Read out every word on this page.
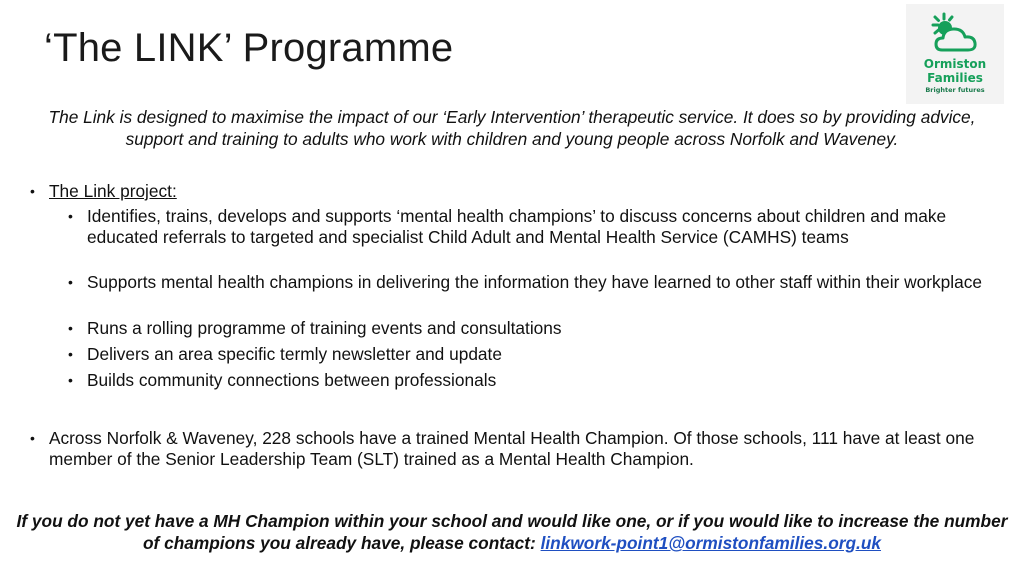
‘The LINK’ Programme	Ormiston
Families
Brighter futures
The Link is designed to maximise the impact of our ‘Early Intervention’ therapeutic service. It does so by providing advice, support and training to adults who work with children and young people across Norfolk and Waveney.
• The Link project:
• Identifies, trains, develops and supports ‘mental health champions’ to discuss concerns about children and make educated referrals to targeted and specialist Child Adult and Mental Health Service (CAMHS) teams
• Supports mental health champions in delivering the information they have learned to other staff within their workplace
• Runs a rolling programme of training events and consultations
• Delivers an area specific termly newsletter and update
• Builds community connections between professionals
• Across Norfolk & Waveney, 228 schools have a trained Mental Health Champion. Of those schools, 111 have at least one member of the Senior Leadership Team (SLT) trained as a Mental Health Champion.
If you do not yet have a MH Champion within your school and would like one, or if you would like to increase the number of champions you already have, please contact: linkwork-point1@ormistonfamilies.org.uk
